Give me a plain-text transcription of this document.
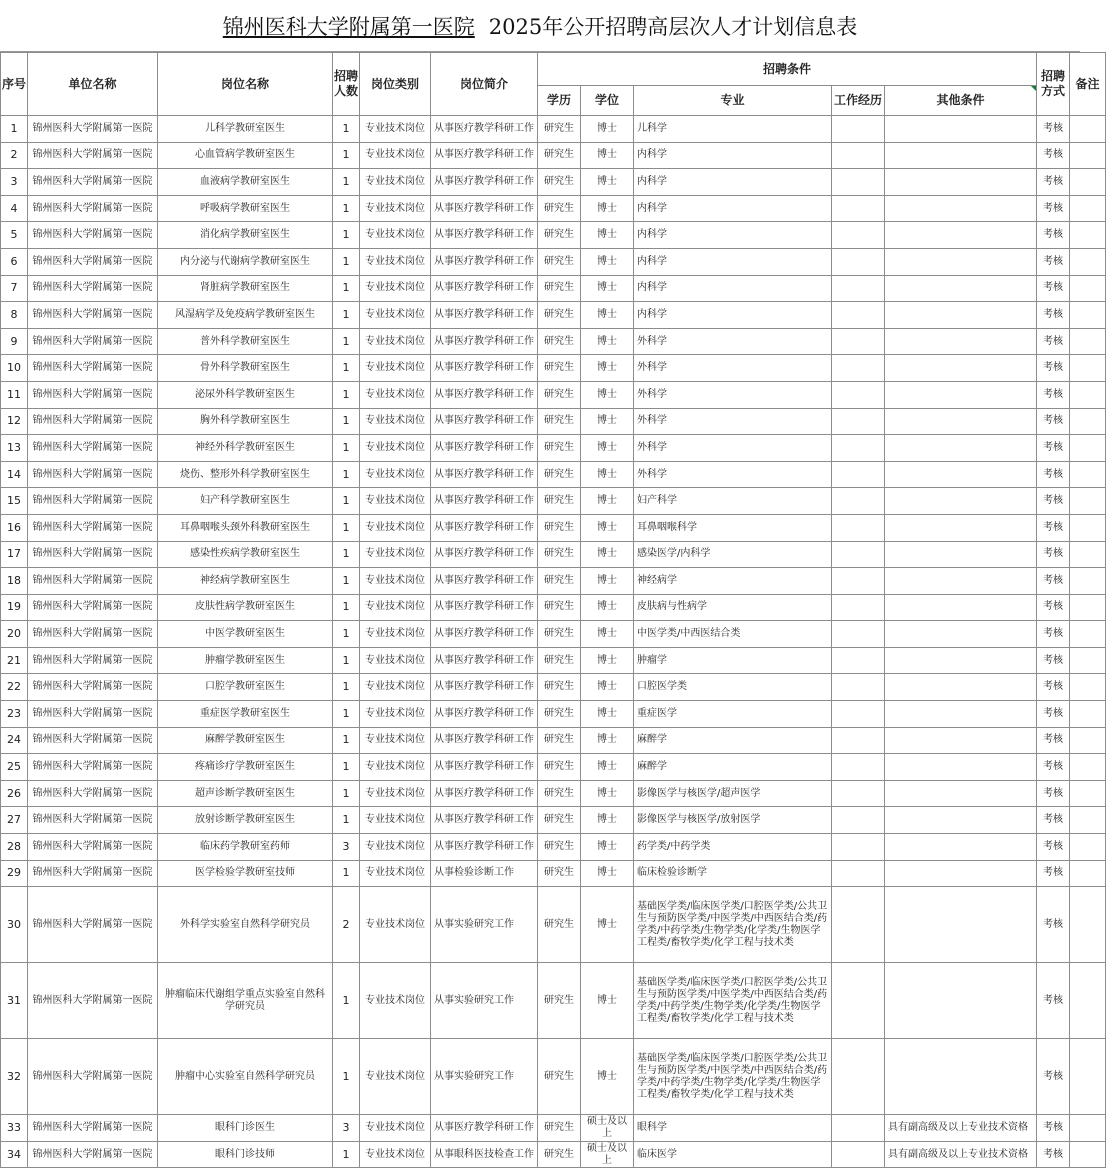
锦州医科大学附属第一医院 2025年公开招聘高层次人才计划信息表
序号	单位名称	岗位名称	招聘人数	岗位类别	岗位简介	招聘条件					招聘方式	备注
						学历	学位	专业	工作经历	其他条件		

1	锦州医科大学附属第一医院	儿科学教研室医生	1	专业技术岗位	从事医疗教学科研工作	研究生	博士	儿科学			考核	

2	锦州医科大学附属第一医院	心血管病学教研室医生	1	专业技术岗位	从事医疗教学科研工作	研究生	博士	内科学			考核	

3	锦州医科大学附属第一医院	血液病学教研室医生	1	专业技术岗位	从事医疗教学科研工作	研究生	博士	内科学			考核	

4	锦州医科大学附属第一医院	呼吸病学教研室医生	1	专业技术岗位	从事医疗教学科研工作	研究生	博士	内科学			考核	

5	锦州医科大学附属第一医院	消化病学教研室医生	1	专业技术岗位	从事医疗教学科研工作	研究生	博士	内科学			考核	

6	锦州医科大学附属第一医院	内分泌与代谢病学教研室医生	1	专业技术岗位	从事医疗教学科研工作	研究生	博士	内科学			考核	

7	锦州医科大学附属第一医院	肾脏病学教研室医生	1	专业技术岗位	从事医疗教学科研工作	研究生	博士	内科学			考核	

8	锦州医科大学附属第一医院	风湿病学及免疫病学教研室医生	1	专业技术岗位	从事医疗教学科研工作	研究生	博士	内科学			考核	

9	锦州医科大学附属第一医院	普外科学教研室医生	1	专业技术岗位	从事医疗教学科研工作	研究生	博士	外科学			考核	

10	锦州医科大学附属第一医院	骨外科学教研室医生	1	专业技术岗位	从事医疗教学科研工作	研究生	博士	外科学			考核	

11	锦州医科大学附属第一医院	泌尿外科学教研室医生	1	专业技术岗位	从事医疗教学科研工作	研究生	博士	外科学			考核	

12	锦州医科大学附属第一医院	胸外科学教研室医生	1	专业技术岗位	从事医疗教学科研工作	研究生	博士	外科学			考核	

13	锦州医科大学附属第一医院	神经外科学教研室医生	1	专业技术岗位	从事医疗教学科研工作	研究生	博士	外科学			考核	

14	锦州医科大学附属第一医院	烧伤、整形外科学教研室医生	1	专业技术岗位	从事医疗教学科研工作	研究生	博士	外科学			考核	

15	锦州医科大学附属第一医院	妇产科学教研室医生	1	专业技术岗位	从事医疗教学科研工作	研究生	博士	妇产科学			考核	

16	锦州医科大学附属第一医院	耳鼻咽喉头颈外科教研室医生	1	专业技术岗位	从事医疗教学科研工作	研究生	博士	耳鼻咽喉科学			考核	

17	锦州医科大学附属第一医院	感染性疾病学教研室医生	1	专业技术岗位	从事医疗教学科研工作	研究生	博士	感染医学/内科学			考核	

18	锦州医科大学附属第一医院	神经病学教研室医生	1	专业技术岗位	从事医疗教学科研工作	研究生	博士	神经病学			考核	

19	锦州医科大学附属第一医院	皮肤性病学教研室医生	1	专业技术岗位	从事医疗教学科研工作	研究生	博士	皮肤病与性病学			考核	

20	锦州医科大学附属第一医院	中医学教研室医生	1	专业技术岗位	从事医疗教学科研工作	研究生	博士	中医学类/中西医结合类			考核	

21	锦州医科大学附属第一医院	肿瘤学教研室医生	1	专业技术岗位	从事医疗教学科研工作	研究生	博士	肿瘤学			考核	

22	锦州医科大学附属第一医院	口腔学教研室医生	1	专业技术岗位	从事医疗教学科研工作	研究生	博士	口腔医学类			考核	

23	锦州医科大学附属第一医院	重症医学教研室医生	1	专业技术岗位	从事医疗教学科研工作	研究生	博士	重症医学			考核	

24	锦州医科大学附属第一医院	麻醉学教研室医生	1	专业技术岗位	从事医疗教学科研工作	研究生	博士	麻醉学			考核	

25	锦州医科大学附属第一医院	疼痛诊疗学教研室医生	1	专业技术岗位	从事医疗教学科研工作	研究生	博士	麻醉学			考核	

26	锦州医科大学附属第一医院	超声诊断学教研室医生	1	专业技术岗位	从事医疗教学科研工作	研究生	博士	影像医学与核医学/超声医学			考核	

27	锦州医科大学附属第一医院	放射诊断学教研室医生	1	专业技术岗位	从事医疗教学科研工作	研究生	博士	影像医学与核医学/放射医学			考核	

28	锦州医科大学附属第一医院	临床药学教研室药师	3	专业技术岗位	从事医疗教学科研工作	研究生	博士	药学类/中药学类			考核	

29	锦州医科大学附属第一医院	医学检验学教研室技师	1	专业技术岗位	从事检验诊断工作	研究生	博士	临床检验诊断学			考核	

30	锦州医科大学附属第一医院	外科学实验室自然科学研究员	2	专业技术岗位	从事实验研究工作	研究生	博士	基础医学类/临床医学类/口腔医学类/公共卫生与预防医学类/中医学类/中西医结合类/药学类/中药学类/生物学类/化学类/生物医学工程类/畜牧学类/化学工程与技术类			考核	

31	锦州医科大学附属第一医院	肿瘤临床代谢组学重点实验室自然科学研究员	1	专业技术岗位	从事实验研究工作	研究生	博士	基础医学类/临床医学类/口腔医学类/公共卫生与预防医学类/中医学类/中西医结合类/药学类/中药学类/生物学类/化学类/生物医学工程类/畜牧学类/化学工程与技术类			考核	

32	锦州医科大学附属第一医院	肿瘤中心实验室自然科学研究员	1	专业技术岗位	从事实验研究工作	研究生	博士	基础医学类/临床医学类/口腔医学类/公共卫生与预防医学类/中医学类/中西医结合类/药学类/中药学类/生物学类/化学类/生物医学工程类/畜牧学类/化学工程与技术类			考核	

33	锦州医科大学附属第一医院	眼科门诊医生	3	专业技术岗位	从事医疗教学科研工作	研究生	硕士及以上	眼科学		具有副高级及以上专业技术资格	考核	

34	锦州医科大学附属第一医院	眼科门诊技师	1	专业技术岗位	从事眼科医技检查工作	研究生	硕士及以上	临床医学		具有副高级及以上专业技术资格	考核	
